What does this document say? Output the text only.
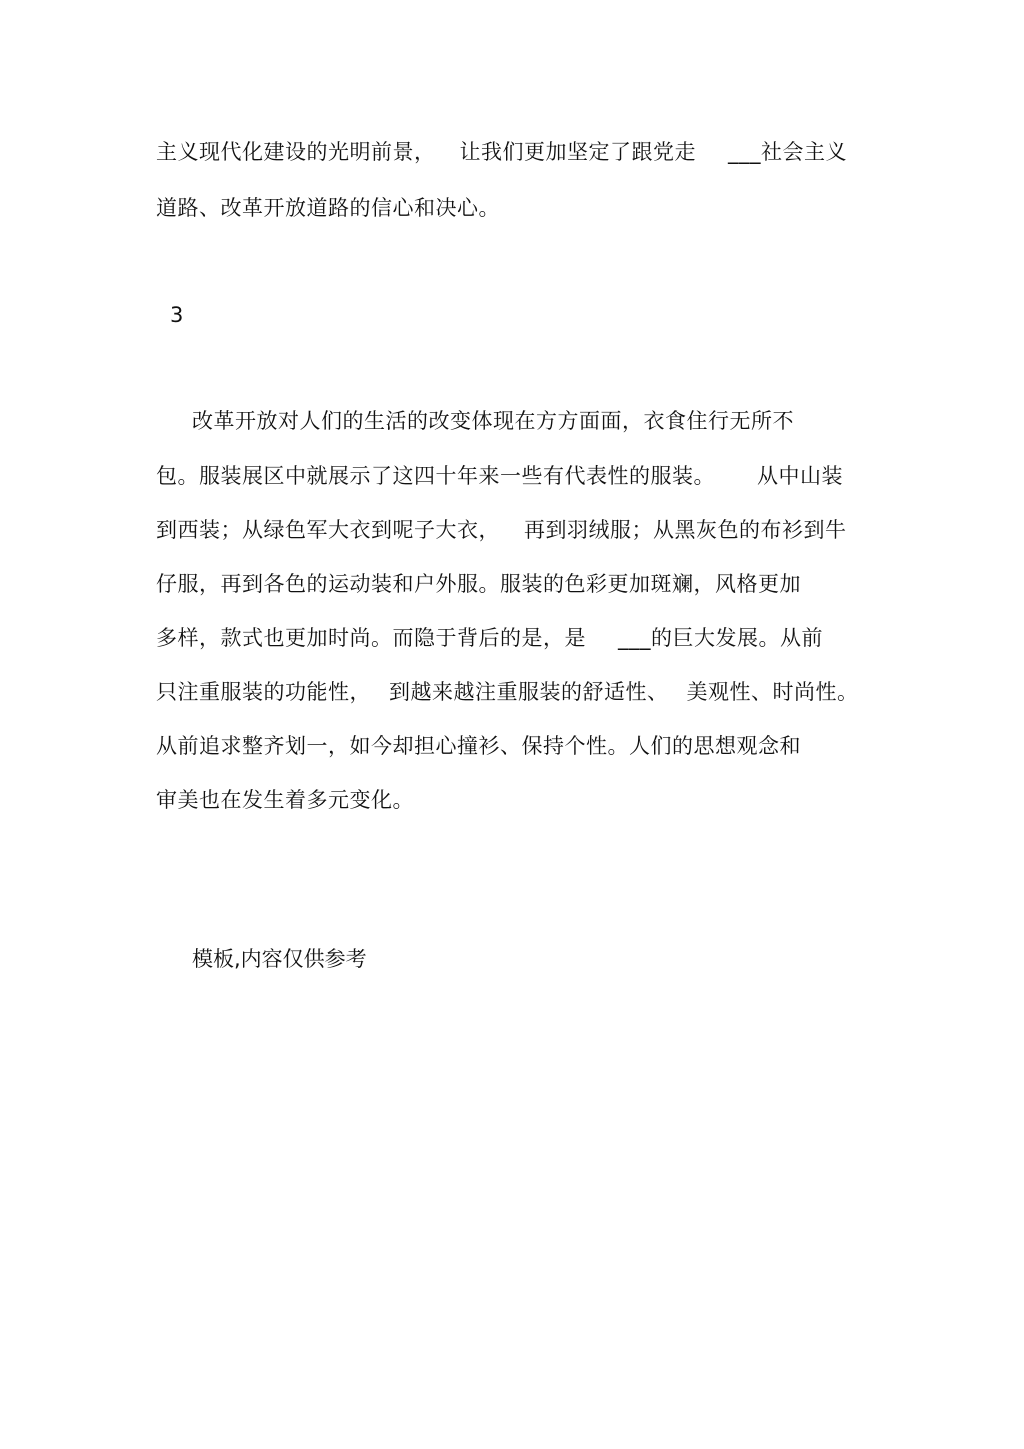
主义现代化建设的光明前景， 让我们更加坚定了跟党走 ___社会主义
道路、改革开放道路的信心和决心。
3
改革开放对人们的生活的改变体现在方方面面，衣食住行无所不
包。服装展区中就展示了这四十年来一些有代表性的服装。 从中山装
到西装；从绿色军大衣到呢子大衣， 再到羽绒服；从黑灰色的布衫到牛
仔服，再到各色的运动装和户外服。服装的色彩更加斑斓，风格更加
多样，款式也更加时尚。而隐于背后的是，是 ___的巨大发展。从前
只注重服装的功能性， 到越来越注重服装的舒适性、 美观性、时尚性。
从前追求整齐划一，如今却担心撞衫、保持个性。人们的思想观念和
审美也在发生着多元变化。
模板,内容仅供参考
